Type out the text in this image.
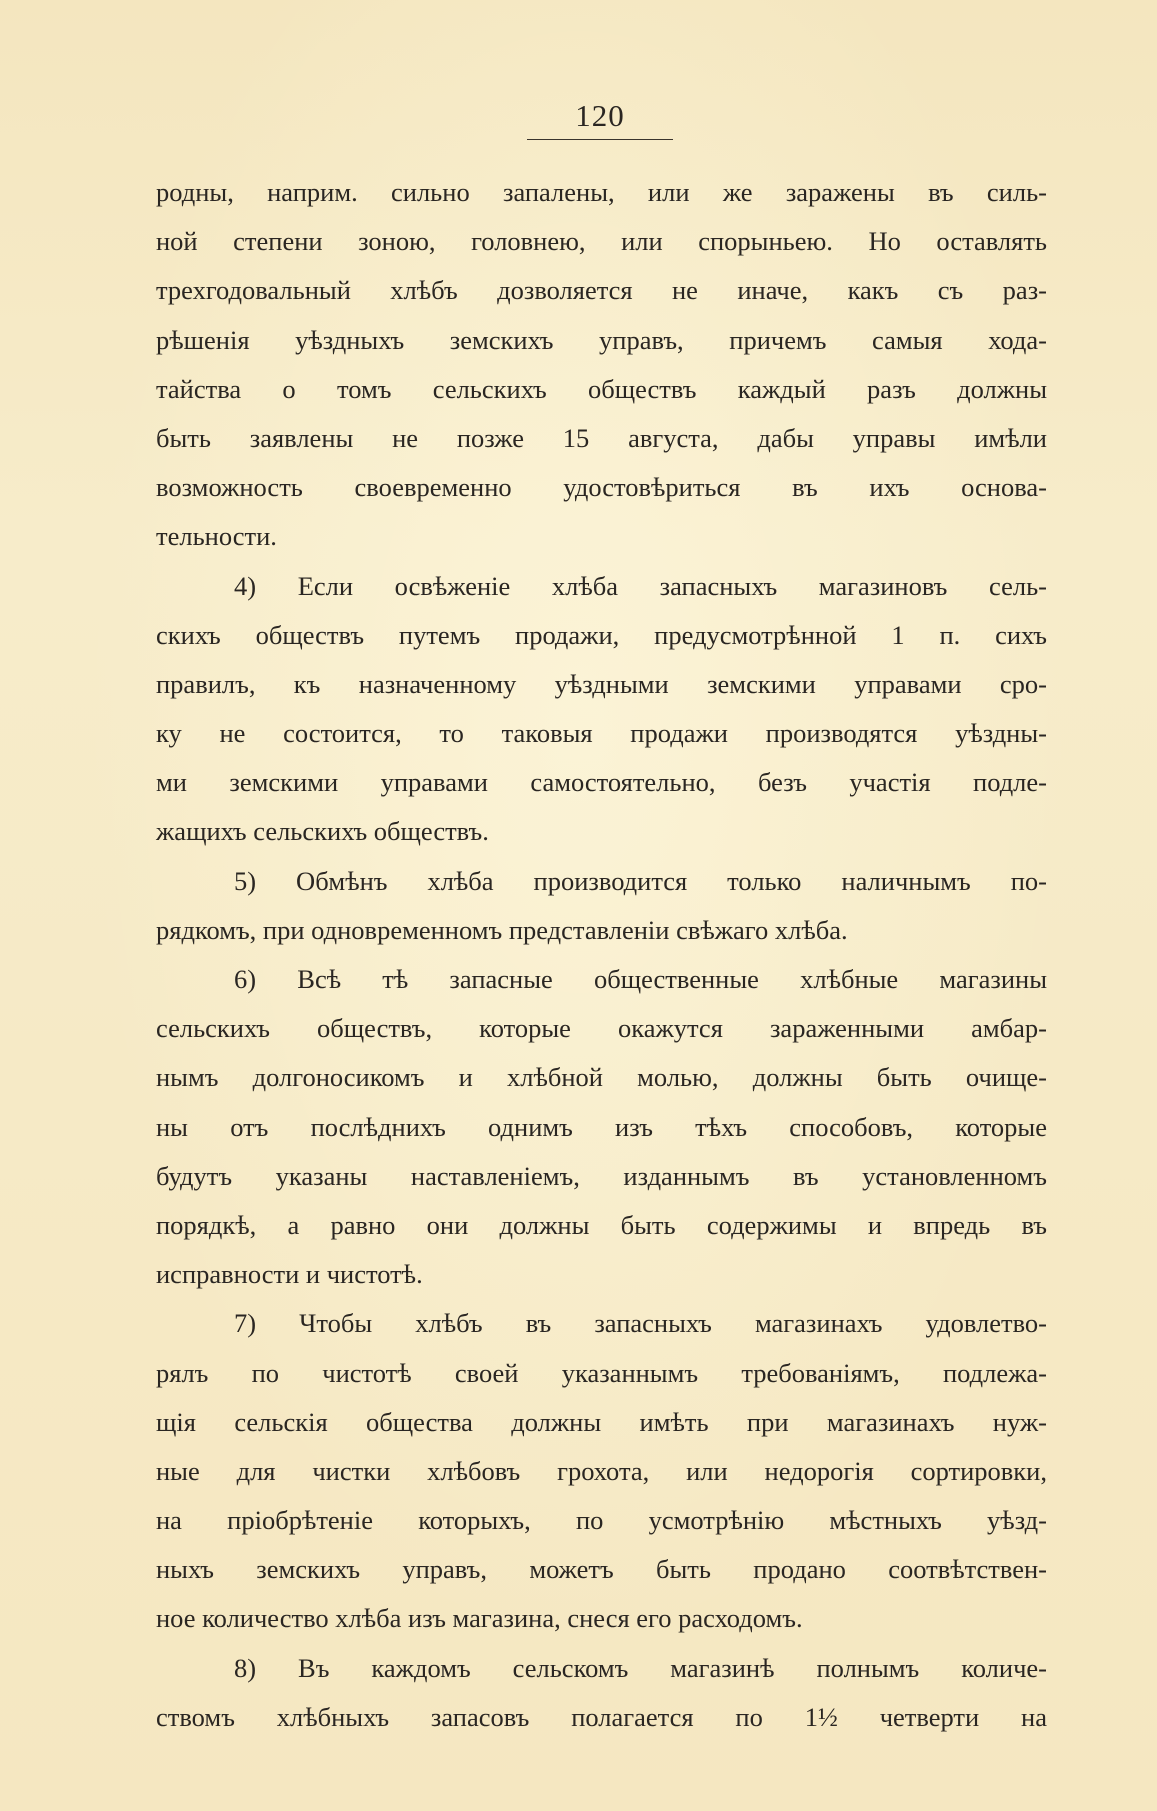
120
родны, наприм. сильно запалены, или же заражены въ силь-
ной степени зоною, головнею, или спорыньею. Но оставлять
трехгодовальный хлѣбъ дозволяется не иначе, какъ съ раз-
рѣшенія уѣздныхъ земскихъ управъ, причемъ самыя хода-
тайства о томъ сельскихъ обществъ каждый разъ должны
быть заявлены не позже 15 августа, дабы управы имѣли
возможность своевременно удостовѣриться въ ихъ основа-
тельности.
4) Если освѣженіе хлѣба запасныхъ магазиновъ сель-
скихъ обществъ путемъ продажи, предусмотрѣнной 1 п. сихъ
правилъ, къ назначенному уѣздными земскими управами сро-
ку не состоится, то таковыя продажи производятся уѣздны-
ми земскими управами самостоятельно, безъ участія подле-
жащихъ сельскихъ обществъ.
5) Обмѣнъ хлѣба производится только наличнымъ по-
рядкомъ, при одновременномъ представленіи свѣжаго хлѣба.
6) Всѣ тѣ запасные общественные хлѣбные магазины
сельскихъ обществъ, которые окажутся зараженными амбар-
нымъ долгоносикомъ и хлѣбной молью, должны быть очище-
ны отъ послѣднихъ однимъ изъ тѣхъ способовъ, которые
будутъ указаны наставленіемъ, изданнымъ въ установленномъ
порядкѣ, а равно они должны быть содержимы и впредь въ
исправности и чистотѣ.
7) Чтобы хлѣбъ въ запасныхъ магазинахъ удовлетво-
рялъ по чистотѣ своей указаннымъ требованіямъ, подлежа-
щія сельскія общества должны имѣть при магазинахъ нуж-
ные для чистки хлѣбовъ грохота, или недорогія сортировки,
на пріобрѣтеніе которыхъ, по усмотрѣнію мѣстныхъ уѣзд-
ныхъ земскихъ управъ, можетъ быть продано соотвѣтствен-
ное количество хлѣба изъ магазина, снеся его расходомъ.
8) Въ каждомъ сельскомъ магазинѣ полнымъ количе-
ствомъ хлѣбныхъ запасовъ полагается по 1½ четверти на
